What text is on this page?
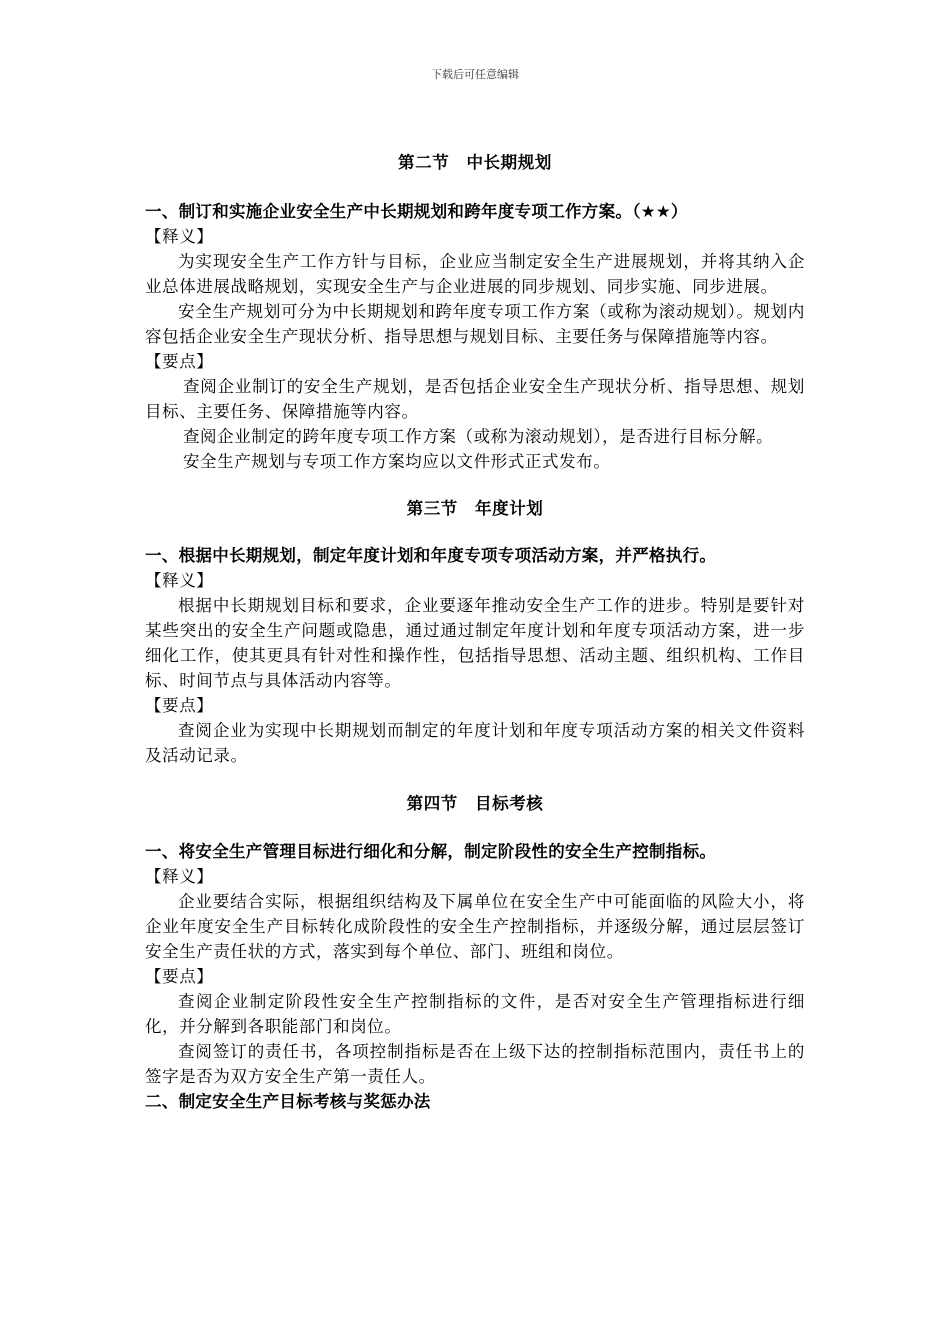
下载后可任意编辑

第二节　中长期规划

一、制订和实施企业安全生产中长期规划和跨年度专项工作方案。（★★）

【释义】

为实现安全生产工作方针与目标，企业应当制定安全生产进展规划，并将其纳入企业总体进展战略规划，实现安全生产与企业进展的同步规划、同步实施、同步进展。

安全生产规划可分为中长期规划和跨年度专项工作方案（或称为滚动规划）。规划内容包括企业安全生产现状分析、指导思想与规划目标、主要任务与保障措施等内容。

【要点】

查阅企业制订的安全生产规划，是否包括企业安全生产现状分析、指导思想、规划目标、主要任务、保障措施等内容。

查阅企业制定的跨年度专项工作方案（或称为滚动规划），是否进行目标分解。

安全生产规划与专项工作方案均应以文件形式正式发布。

第三节　年度计划

一、根据中长期规划，制定年度计划和年度专项专项活动方案，并严格执行。

【释义】

根据中长期规划目标和要求，企业要逐年推动安全生产工作的进步。特别是要针对某些突出的安全生产问题或隐患，通过通过制定年度计划和年度专项活动方案，进一步细化工作，使其更具有针对性和操作性，包括指导思想、活动主题、组织机构、工作目标、时间节点与具体活动内容等。

【要点】

查阅企业为实现中长期规划而制定的年度计划和年度专项活动方案的相关文件资料及活动记录。

第四节　目标考核

一、将安全生产管理目标进行细化和分解，制定阶段性的安全生产控制指标。

【释义】

企业要结合实际，根据组织结构及下属单位在安全生产中可能面临的风险大小，将企业年度安全生产目标转化成阶段性的安全生产控制指标，并逐级分解，通过层层签订安全生产责任状的方式，落实到每个单位、部门、班组和岗位。

【要点】

查阅企业制定阶段性安全生产控制指标的文件，是否对安全生产管理指标进行细化，并分解到各职能部门和岗位。

查阅签订的责任书，各项控制指标是否在上级下达的控制指标范围内，责任书上的签字是否为双方安全生产第一责任人。

二、制定安全生产目标考核与奖惩办法
